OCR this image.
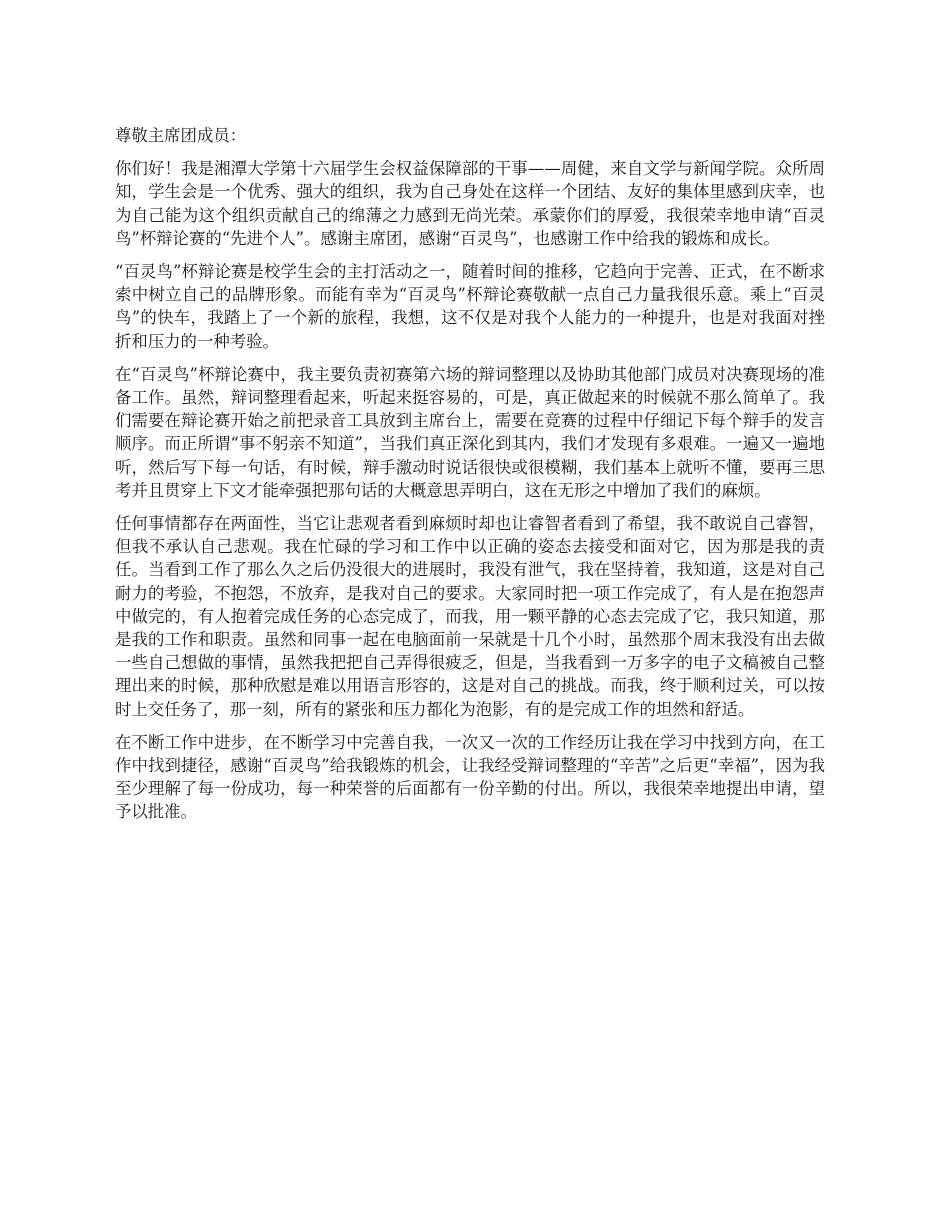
尊敬主席团成员：

你们好！我是湘潭大学第十六届学生会权益保障部的干事——周健，来自文学与新闻学院。众所周知，学生会是一个优秀、强大的组织，我为自己身处在这样一个团结、友好的集体里感到庆幸，也为自己能为这个组织贡献自己的绵薄之力感到无尚光荣。承蒙你们的厚爱，我很荣幸地申请“百灵鸟”杯辩论赛的“先进个人”。感谢主席团，感谢“百灵鸟”，也感谢工作中给我的锻炼和成长。

“百灵鸟”杯辩论赛是校学生会的主打活动之一，随着时间的推移，它趋向于完善、正式，在不断求索中树立自己的品牌形象。而能有幸为“百灵鸟”杯辩论赛敬献一点自己力量我很乐意。乘上“百灵鸟”的快车，我踏上了一个新的旅程，我想，这不仅是对我个人能力的一种提升，也是对我面对挫折和压力的一种考验。

在“百灵鸟”杯辩论赛中，我主要负责初赛第六场的辩词整理以及协助其他部门成员对决赛现场的准备工作。虽然，辩词整理看起来，听起来挺容易的，可是，真正做起来的时候就不那么简单了。我们需要在辩论赛开始之前把录音工具放到主席台上，需要在竞赛的过程中仔细记下每个辩手的发言顺序。而正所谓“事不躬亲不知道”，当我们真正深化到其内，我们才发现有多艰难。一遍又一遍地听，然后写下每一句话，有时候，辩手激动时说话很快或很模糊，我们基本上就听不懂，要再三思考并且贯穿上下文才能牵强把那句话的大概意思弄明白，这在无形之中增加了我们的麻烦。

任何事情都存在两面性，当它让悲观者看到麻烦时却也让睿智者看到了希望，我不敢说自己睿智，但我不承认自己悲观。我在忙碌的学习和工作中以正确的姿态去接受和面对它，因为那是我的责任。当看到工作了那么久之后仍没很大的进展时，我没有泄气，我在坚持着，我知道，这是对自己耐力的考验，不抱怨，不放弃，是我对自己的要求。大家同时把一项工作完成了，有人是在抱怨声中做完的，有人抱着完成任务的心态完成了，而我，用一颗平静的心态去完成了它，我只知道，那是我的工作和职责。虽然和同事一起在电脑面前一呆就是十几个小时，虽然那个周末我没有出去做一些自己想做的事情，虽然我把把自己弄得很疲乏，但是，当我看到一万多字的电子文稿被自己整理出来的时候，那种欣慰是难以用语言形容的，这是对自己的挑战。而我，终于顺利过关，可以按时上交任务了，那一刻，所有的紧张和压力都化为泡影，有的是完成工作的坦然和舒适。

在不断工作中进步，在不断学习中完善自我，一次又一次的工作经历让我在学习中找到方向，在工作中找到捷径，感谢“百灵鸟”给我锻炼的机会，让我经受辩词整理的“辛苦”之后更“幸福”，因为我至少理解了每一份成功，每一种荣誉的后面都有一份辛勤的付出。所以，我很荣幸地提出申请，望予以批准。
